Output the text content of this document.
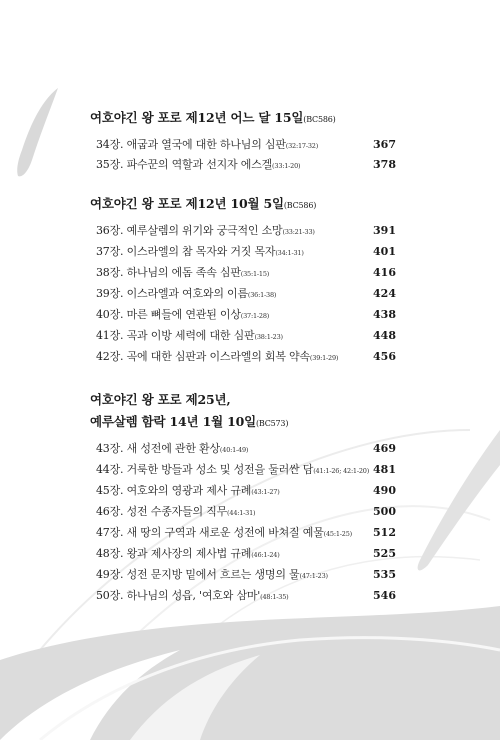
여호야긴 왕 포로 제12년 어느 달 15일(BC586)
34장. 애굽과 열국에 대한 하나님의 심판(32:17-32)	367
35장. 파수꾼의 역할과 선지자 에스겔(33:1-20)	378
여호야긴 왕 포로 제12년 10월 5일(BC586)
36장. 예루살렘의 위기와 궁극적인 소망(33:21-33)	391
37장. 이스라엘의 참 목자와 거짓 목자(34:1-31)	401
38장. 하나님의 에돔 족속 심판(35:1-15)	416
39장. 이스라엘과 여호와의 이름(36:1-38)	424
40장. 마른 뼈들에 연관된 이상(37:1-28)	438
41장. 곡과 이방 세력에 대한 심판(38:1-23)	448
42장. 곡에 대한 심판과 이스라엘의 회복 약속(39:1-29)	456
여호야긴 왕 포로 제25년,
예루살렘 함락 14년 1월 10일(BC573)
43장. 새 성전에 관한 환상(40:1-49)	469
44장. 거룩한 방들과 성소 및 성전을 둘러싼 담(41:1-26; 42:1-20) 481
45장. 여호와의 영광과 제사 규례(43:1-27)	490
46장. 성전 수종자들의 직무(44:1-31)	500
47장. 새 땅의 구역과 새로운 성전에 바쳐질 예물(45:1-25) 512
48장. 왕과 제사장의 제사법 규례(46:1-24)	525
49장. 성전 문지방 밑에서 흐르는 생명의 물(47:1-23)	535
50장. 하나님의 성읍, '여호와 삼마'(48:1-35)	546
